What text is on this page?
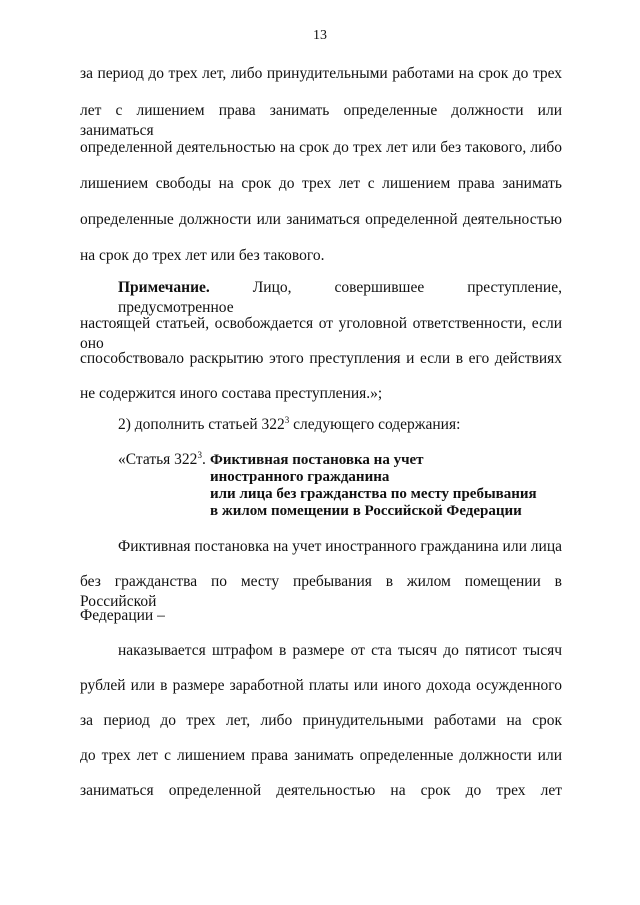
13
за период до трех лет, либо принудительными работами на срок до трех
лет с лишением права занимать определенные должности или заниматься
определенной деятельностью на срок до трех лет или без такового, либо
лишением свободы на срок до трех лет с лишением права занимать
определенные должности или заниматься определенной деятельностью
на срок до трех лет или без такового.
Примечание. Лицо, совершившее преступление, предусмотренное
настоящей статьей, освобождается от уголовной ответственности, если оно
способствовало раскрытию этого преступления и если в его действиях
не содержится иного состава преступления.»;
2) дополнить статьей $322^3$ следующего содержания:
«Статья $322^3$. Фиктивная постановка на учет
иностранного гражданина
или лица без гражданства по месту пребывания
в жилом помещении в Российской Федерации
Фиктивная постановка на учет иностранного гражданина или лица
без гражданства по месту пребывания в жилом помещении в Российской
Федерации –
наказывается штрафом в размере от ста тысяч до пятисот тысяч
рублей или в размере заработной платы или иного дохода осужденного
за период до трех лет, либо принудительными работами на срок
до трех лет с лишением права занимать определенные должности или
заниматься определенной деятельностью на срок до трех лет
